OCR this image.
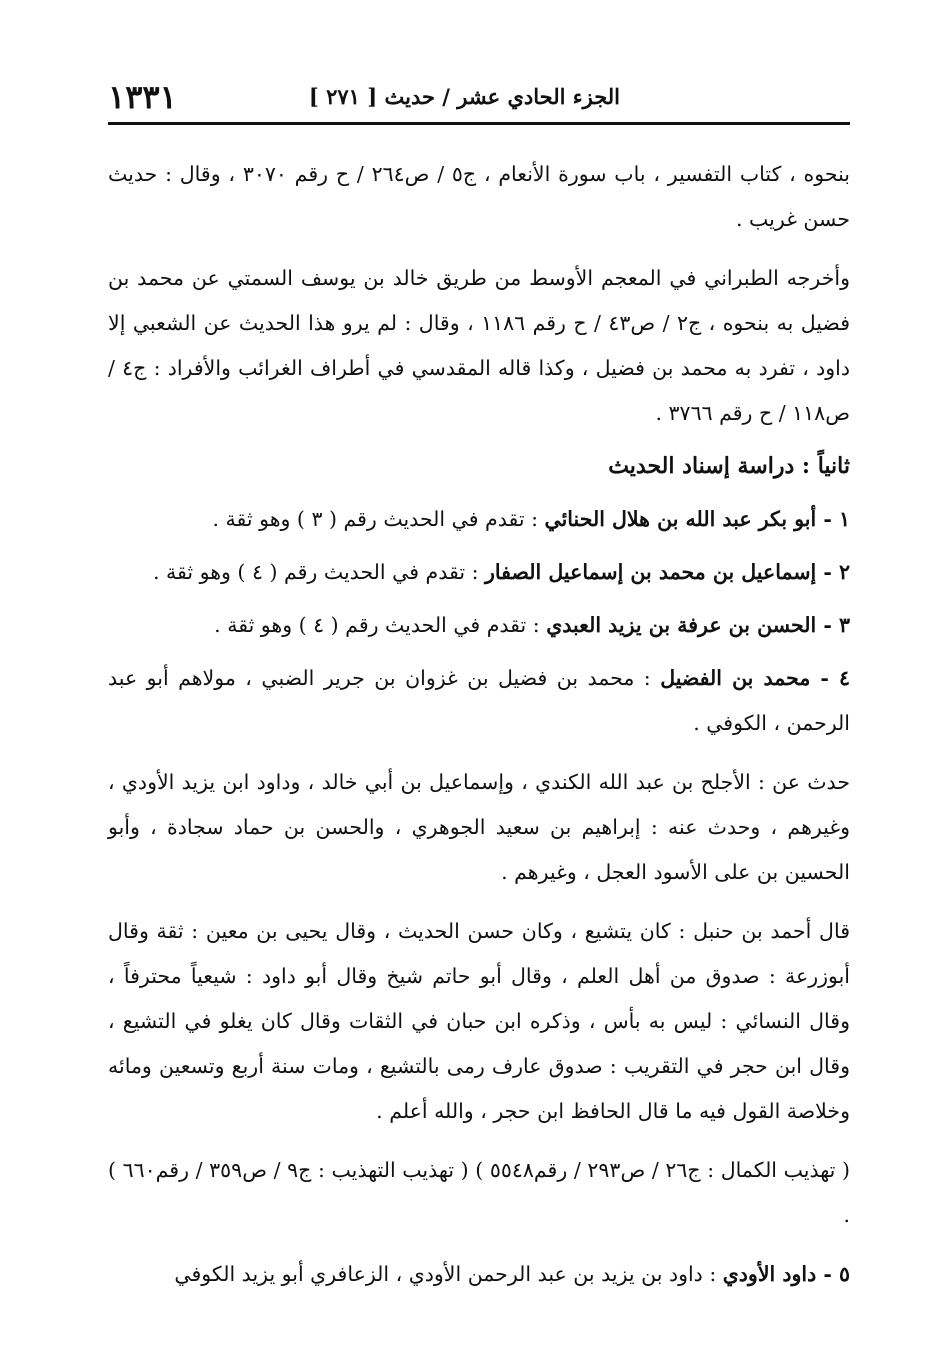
١٣٣١	الجزء الحادي عشر / حديث [ ٢٧١ ]

بنحوه ، كتاب التفسير ، باب سورة الأنعام ، ج٥ / ص٢٦٤ / ح رقم ٣٠٧٠ ، وقال : حديث حسن غريب .

وأخرجه الطبراني في المعجم الأوسط من طريق خالد بن يوسف السمتي عن محمد بن فضيل به بنحوه ، ج٢ / ص٤٣ / ح رقم ١١٨٦ ، وقال : لم يرو هذا الحديث عن الشعبي إلا داود ، تفرد به محمد بن فضيل ، وكذا قاله المقدسي في أطراف الغرائب والأفراد : ج٤ / ص١١٨ / ح رقم ٣٧٦٦ .

ثانياً : دراسة إسناد الحديث

١ - أبو بكر عبد الله بن هلال الحنائي : تقدم في الحديث رقم ( ٣ ) وهو ثقة .

٢ - إسماعيل بن محمد بن إسماعيل الصفار : تقدم في الحديث رقم ( ٤ ) وهو ثقة .

٣ - الحسن بن عرفة بن يزيد العبدي : تقدم في الحديث رقم ( ٤ ) وهو ثقة .

٤ - محمد بن الفضيل : محمد بن فضيل بن غزوان بن جرير الضبي ، مولاهم أبو عبد الرحمن ، الكوفي .

حدث عن : الأجلح بن عبد الله الكندي ، وإسماعيل بن أبي خالد ، وداود ابن يزيد الأودي ، وغيرهم ، وحدث عنه : إبراهيم بن سعيد الجوهري ، والحسن بن حماد سجادة ، وأبو الحسين بن على الأسود العجل ، وغيرهم .

قال أحمد بن حنبل : كان يتشيع ، وكان حسن الحديث ، وقال يحيى بن معين : ثقة وقال أبوزرعة : صدوق من أهل العلم ، وقال أبو حاتم شيخ وقال أبو داود : شيعياً محترفاً ، وقال النسائي : ليس به بأس ، وذكره ابن حبان في الثقات وقال كان يغلو في التشيع ، وقال ابن حجر في التقريب : صدوق عارف رمى بالتشيع ، ومات سنة أربع وتسعين ومائه وخلاصة القول فيه ما قال الحافظ ابن حجر ، والله أعلم .

( تهذيب الكمال : ج٢٦ / ص٢٩٣ / رقم٥٥٤٨ ) ( تهذيب التهذيب : ج٩ / ص٣٥٩ / رقم٦٦٠ ) .

٥ - داود الأودي : داود بن يزيد بن عبد الرحمن الأودي ، الزعافري أبو يزيد الكوفي
